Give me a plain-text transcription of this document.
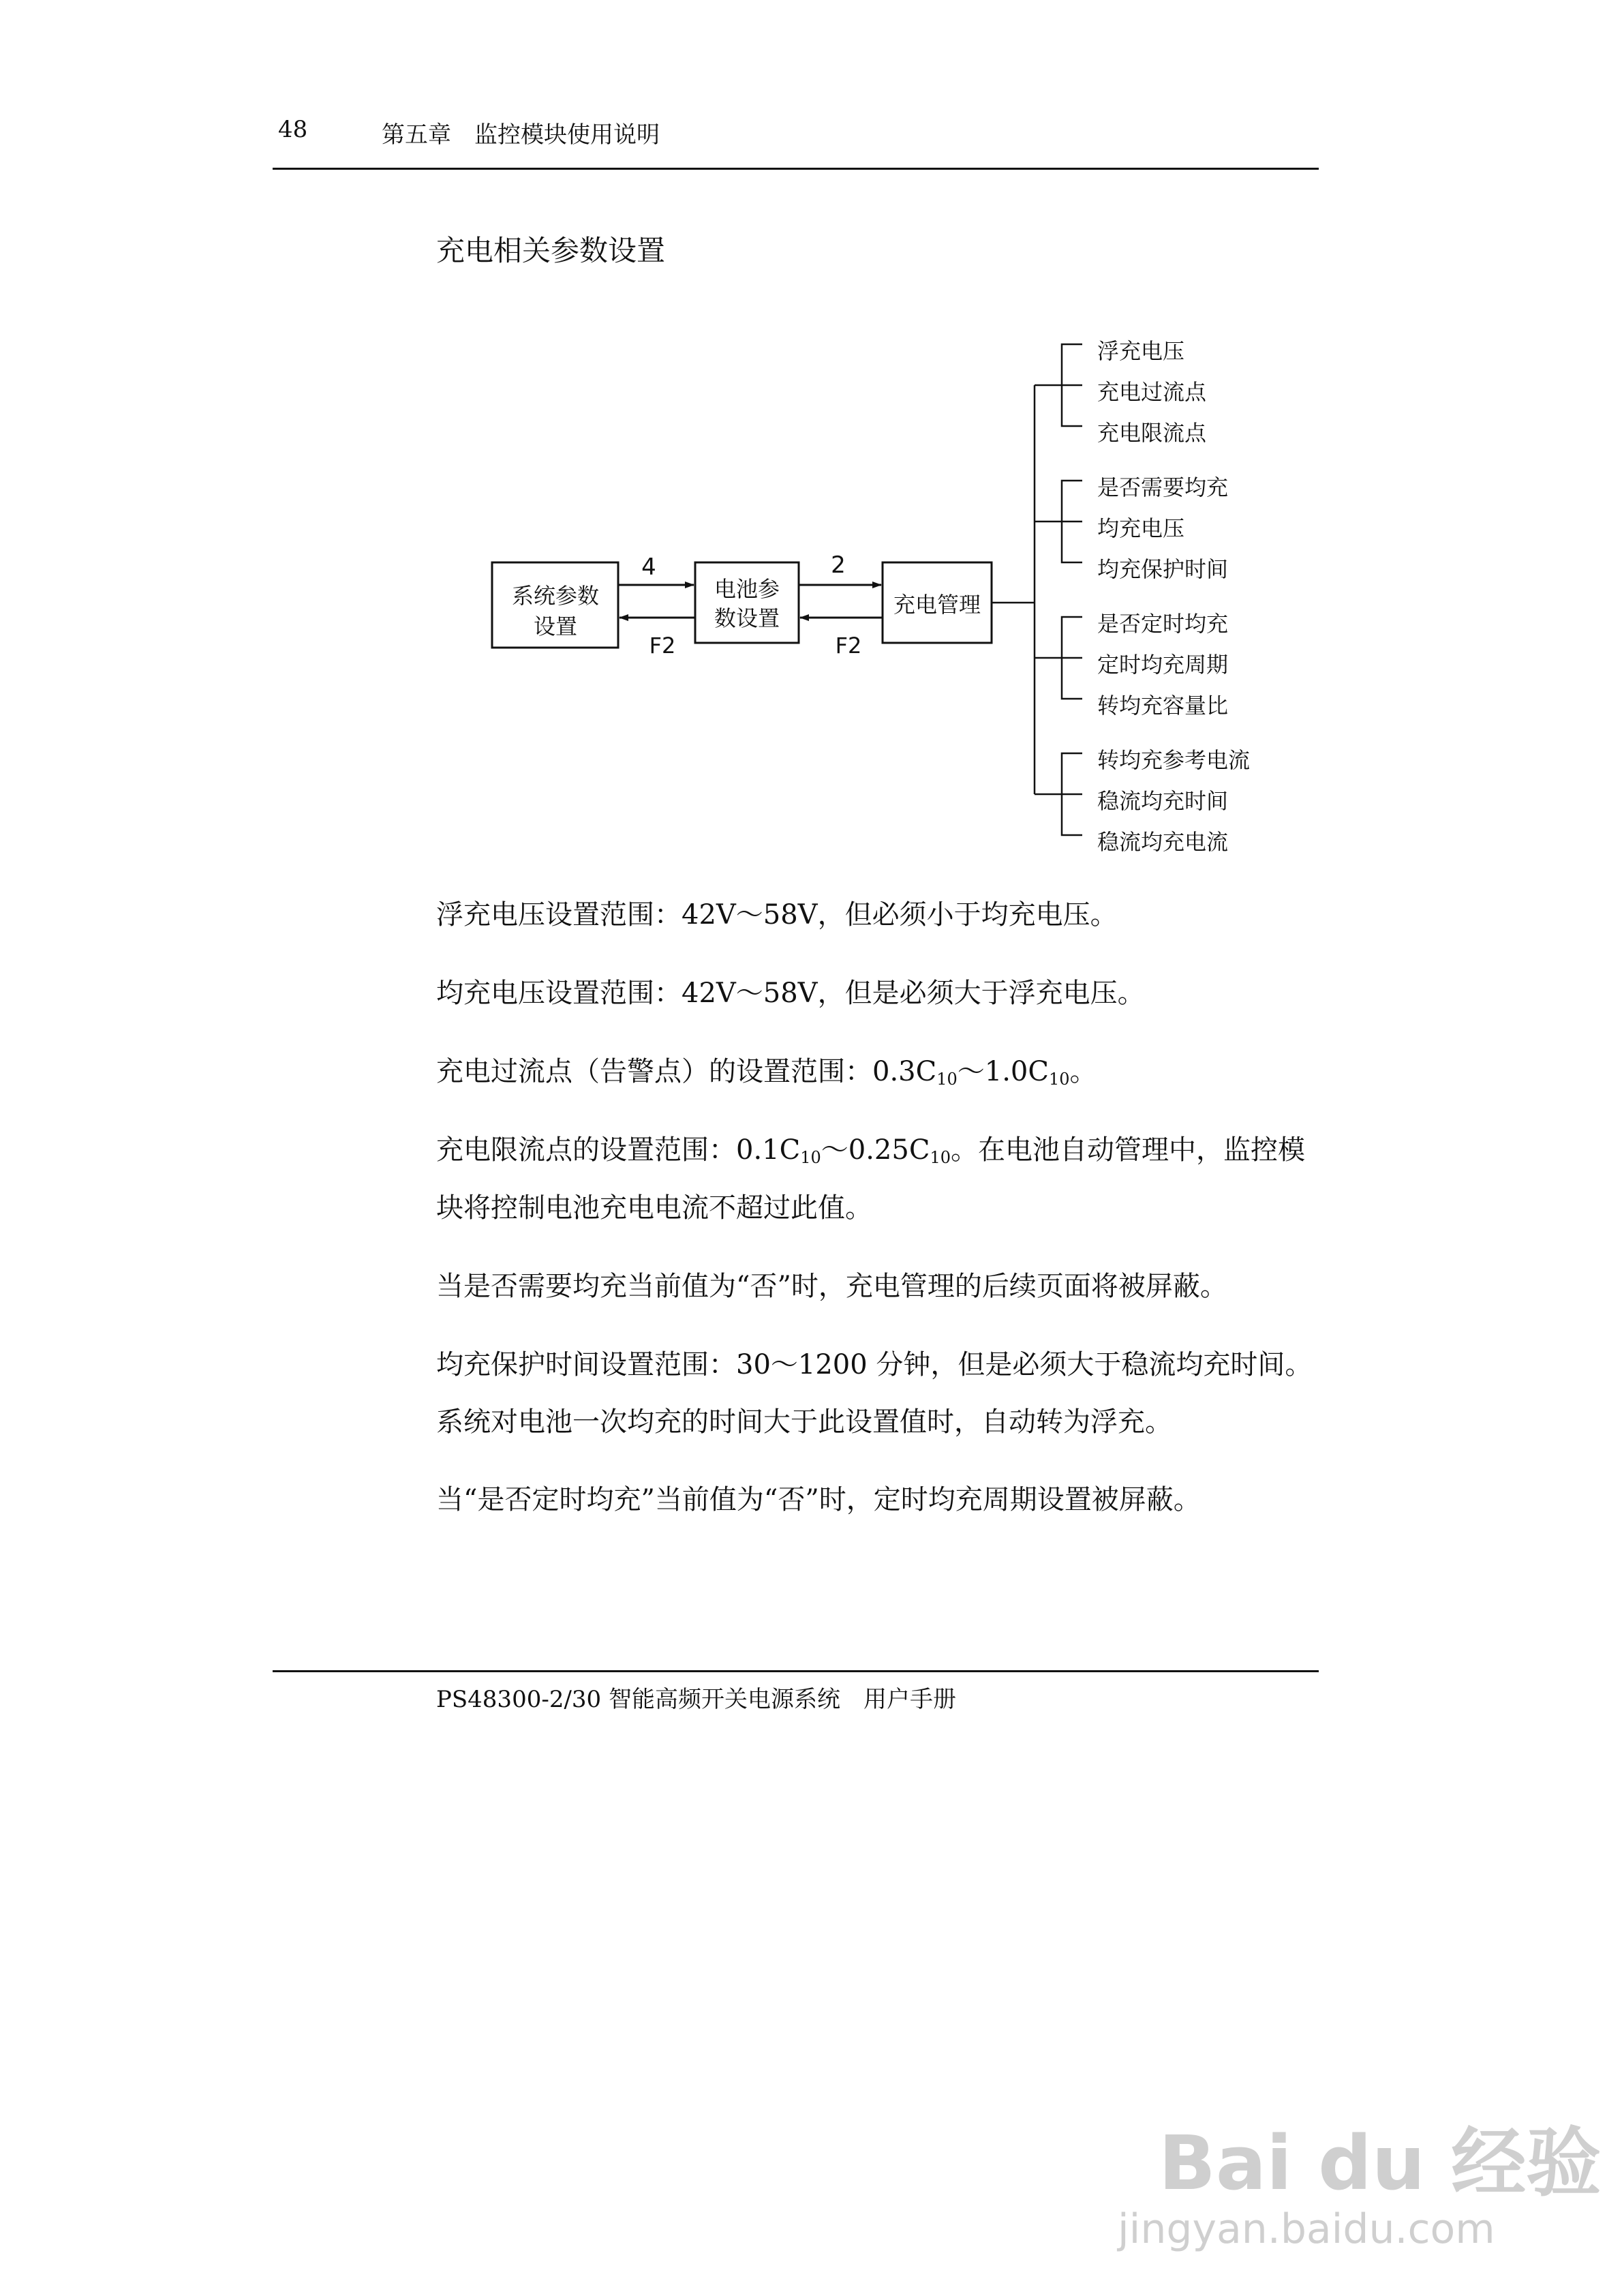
48	第五章　监控模块使用说明
充电相关参数设置
系统参数
设置
电池参
数设置
充电管理
4
F2
2
F2
浮充电压
充电过流点
充电限流点
是否需要均充
均充电压
均充保护时间
是否定时均充
定时均充周期
转均充容量比
转均充参考电流
稳流均充时间
稳流均充电流
浮充电压设置范围：42V～58V，但必须小于均充电压。
均充电压设置范围：42V～58V，但是必须大于浮充电压。
充电过流点（告警点）的设置范围：$0.3C_{10}\sim 1.0C_{10}$。
充电限流点的设置范围：$0.1C_{10}\sim 0.25C_{10}$。在电池自动管理中，监控模
块将控制电池充电电流不超过此值。
当是否需要均充当前值为“否”时，充电管理的后续页面将被屏蔽。
均充保护时间设置范围：30～1200 分钟，但是必须大于稳流均充时间。
系统对电池一次均充的时间大于此设置值时，自动转为浮充。
当“是否定时均充”当前值为“否”时，定时均充周期设置被屏蔽。
PS48300-2/30 智能高频开关电源系统　用户手册
Bai du 经验
jingyan.baidu.com
